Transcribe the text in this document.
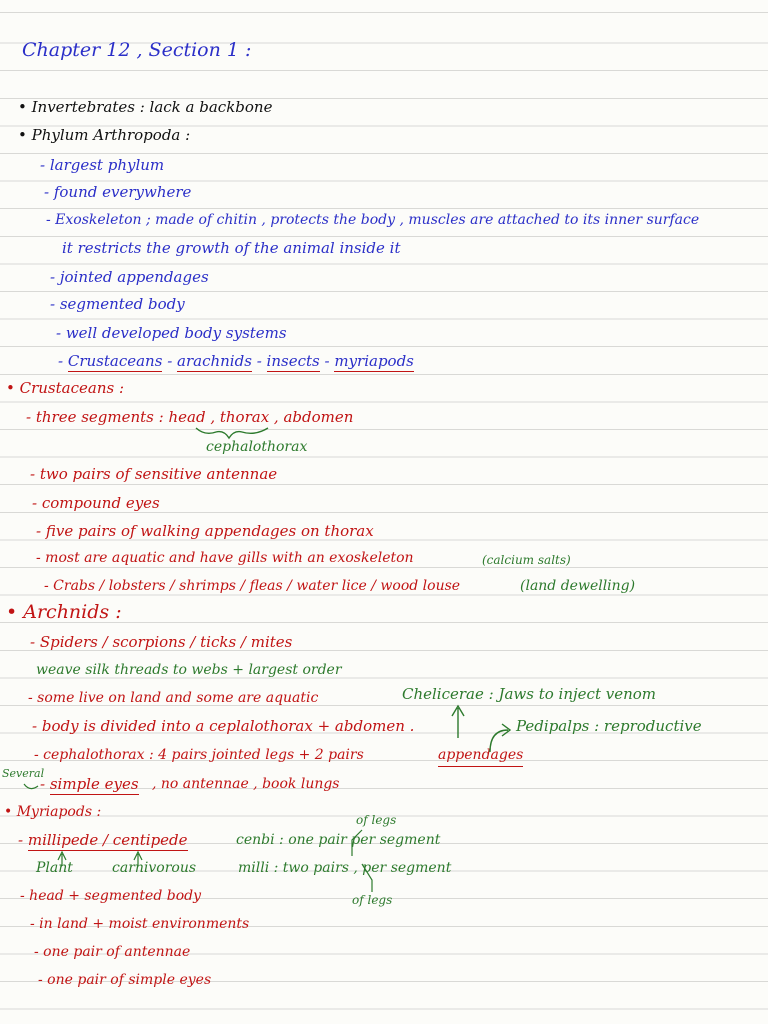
Chapter 12 , Section 1 :
• Invertebrates : lack a backbone
• Phylum Arthropoda :
- largest phylum
- found everywhere
- Exoskeleton ; made of chitin , protects the body , muscles are attached to its inner surface
it restricts the growth of the animal inside it
- jointed appendages
- segmented body
- well developed body systems
- Crustaceans - arachnids - insects - myriapods
• Crustaceans :
- three segments : head , thorax , abdomen
cephalothorax
- two pairs of sensitive antennae
- compound eyes
- five pairs of walking appendages on thorax
- most are aquatic and have gills with an exoskeleton	(calcium salts)
- Crabs / lobsters / shrimps / fleas / water lice / wood louse	(land dewelling)
• Archnids :
- Spiders / scorpions / ticks / mites
weave silk threads to webs + largest order
- some live on land and some are aquatic	Chelicerae : Jaws to inject venom
- body is divided into a ceplalothorax + abdomen .	Pedipalps : reproductive
- cephalothorax : 4 pairs jointed legs + 2 pairs	appendages
Several
- simple eyes , no antennae , book lungs
• Myriapods :	of legs
- millipede / centipede	cenbi : one pair per segment
Plant	carnivorous	milli : two pairs , per segment
of legs
- head + segmented body
- in land + moist environments
- one pair of antennae
- one pair of simple eyes
